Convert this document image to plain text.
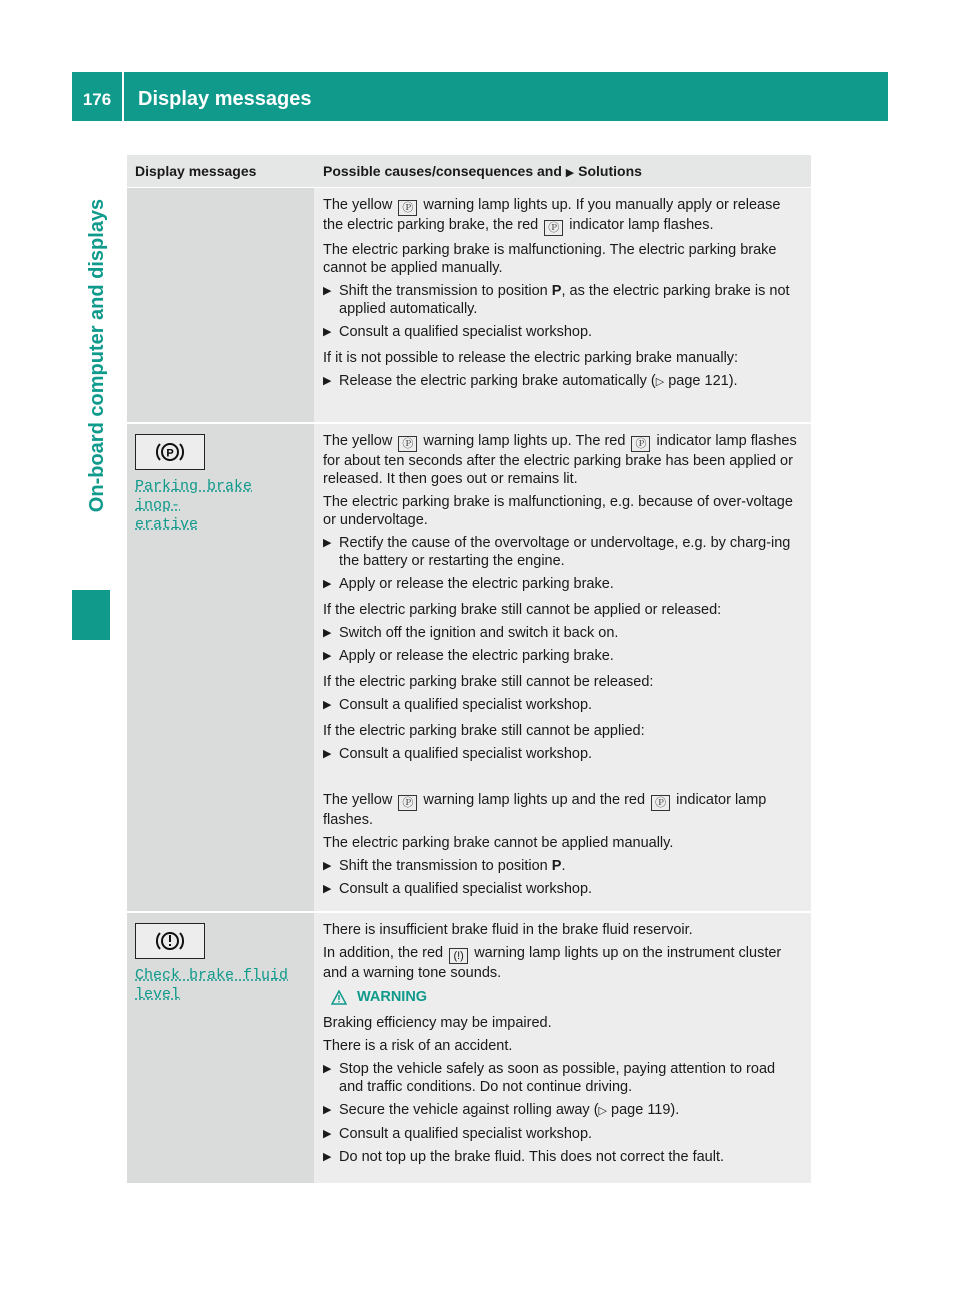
176	Display messages
On-board computer and displays
Display messages	Possible causes/consequences and ▶ Solutions

The yellow Ⓟ warning lamp lights up. If you manually apply or release the electric parking brake, the red Ⓟ indicator lamp flashes.

The electric parking brake is malfunctioning. The electric parking brake cannot be applied manually.

▶ Shift the transmission to position P, as the electric parking brake is not applied automatically.
▶ Consult a qualified specialist workshop.

If it is not possible to release the electric parking brake manually:

▶ Release the electric parking brake automatically (▷ page 121).
P
Parking brake inop-
erative

The yellow Ⓟ warning lamp lights up. The red Ⓟ indicator lamp flashes for about ten seconds after the electric parking brake has been applied or released. It then goes out or remains lit.

The electric parking brake is malfunctioning, e.g. because of over-voltage or undervoltage.

▶ Rectify the cause of the overvoltage or undervoltage, e.g. by charg-ing the battery or restarting the engine.
▶ Apply or release the electric parking brake.

If the electric parking brake still cannot be applied or released:

▶ Switch off the ignition and switch it back on.
▶ Apply or release the electric parking brake.

If the electric parking brake still cannot be released:

▶ Consult a qualified specialist workshop.

If the electric parking brake still cannot be applied:

▶ Consult a qualified specialist workshop.

The yellow Ⓟ warning lamp lights up and the red Ⓟ indicator lamp flashes.

The electric parking brake cannot be applied manually.

▶ Shift the transmission to position P.
▶ Consult a qualified specialist workshop.
Check brake fluid
level

There is insufficient brake fluid in the brake fluid reservoir.

In addition, the red (!) warning lamp lights up on the instrument cluster and a warning tone sounds.

WARNING

Braking efficiency may be impaired.

There is a risk of an accident.

▶ Stop the vehicle safely as soon as possible, paying attention to road and traffic conditions. Do not continue driving.
▶ Secure the vehicle against rolling away (▷ page 119).
▶ Consult a qualified specialist workshop.
▶ Do not top up the brake fluid. This does not correct the fault.
